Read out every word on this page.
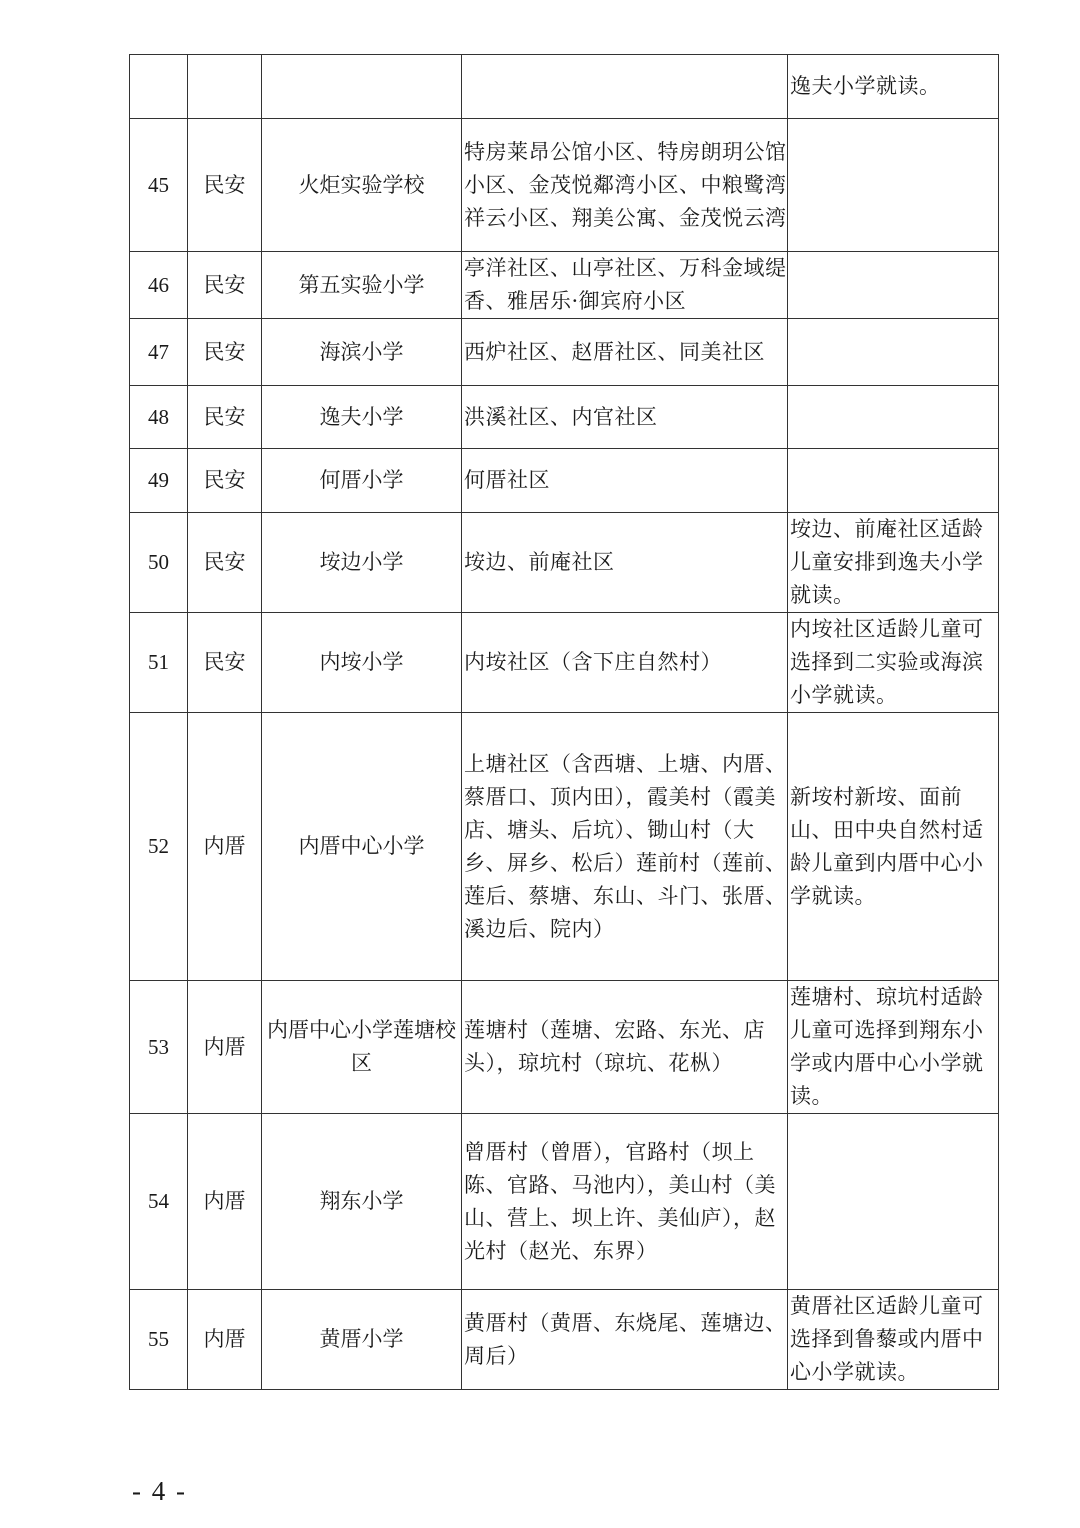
				逸夫小学就读。
45	民安	火炬实验学校	特房莱昂公馆小区、特房朗玥公馆小区、金茂悦鄰湾小区、中粮鹭湾祥云小区、翔美公寓、金茂悦云湾	
46	民安	第五实验小学	亭洋社区、山亭社区、万科金域缇香、雅居乐·御宾府小区	
47	民安	海滨小学	西炉社区、赵厝社区、同美社区	
48	民安	逸夫小学	洪溪社区、内官社区	
49	民安	何厝小学	何厝社区	
50	民安	垵边小学	垵边、前庵社区	垵边、前庵社区适龄儿童安排到逸夫小学就读。
51	民安	内垵小学	内垵社区（含下庄自然村）	内垵社区适龄儿童可选择到二实验或海滨小学就读。
52	内厝	内厝中心小学	上塘社区（含西塘、上塘、内厝、蔡厝口、顶内田），霞美村（霞美店、塘头、后坑）、锄山村（大乡、屏乡、松后）莲前村（莲前、莲后、蔡塘、东山、斗门、张厝、溪边后、院内）	新垵村新垵、面前山、田中央自然村适龄儿童到内厝中心小学就读。
53	内厝	内厝中心小学莲塘校区	莲塘村（莲塘、宏路、东光、店头），琼坑村（琼坑、花枞）	莲塘村、琼坑村适龄儿童可选择到翔东小学或内厝中心小学就读。
54	内厝	翔东小学	曾厝村（曾厝），官路村（坝上陈、官路、马池内），美山村（美山、营上、坝上许、美仙庐），赵光村（赵光、东界）	
55	内厝	黄厝小学	黄厝村（黄厝、东烧尾、莲塘边、周后）	黄厝社区适龄儿童可选择到鲁藜或内厝中心小学就读。
- 4 -
